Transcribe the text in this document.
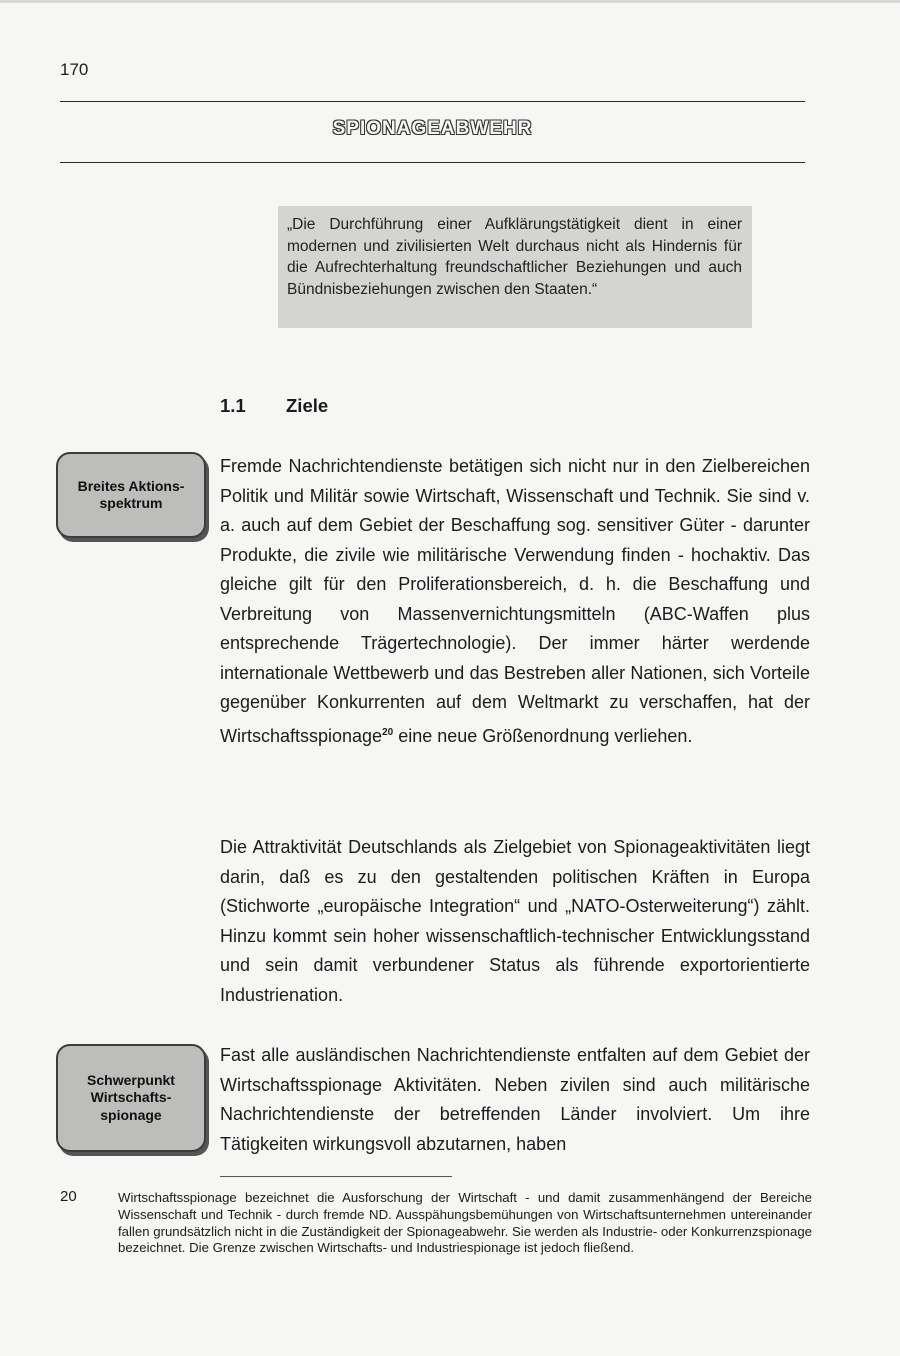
170
SPIONAGEABWEHR
„Die Durchführung einer Aufklärungstätigkeit dient in einer modernen und zivilisierten Welt durchaus nicht als Hindernis für die Aufrechterhaltung freundschaftlicher Beziehungen und auch Bündnisbeziehungen zwischen den Staaten.“
1.1 Ziele
Breites Aktions-
spektrum

Fremde Nachrichtendienste betätigen sich nicht nur in den Zielbereichen Politik und Militär sowie Wirtschaft, Wissenschaft und Technik. Sie sind v. a. auch auf dem Gebiet der Beschaffung sog. sensitiver Güter - darunter Produkte, die zivile wie militärische Verwendung finden - hochaktiv. Das gleiche gilt für den Proliferationsbereich, d. h. die Beschaffung und Verbreitung von Massenvernichtungsmitteln (ABC-Waffen plus entsprechende Trägertechnologie). Der immer härter werdende internationale Wettbewerb und das Bestreben aller Nationen, sich Vorteile gegenüber Konkurrenten auf dem Weltmarkt zu verschaffen, hat der Wirtschaftsspionage$^{20}$ eine neue Größenordnung verliehen.

Die Attraktivität Deutschlands als Zielgebiet von Spionageaktivitäten liegt darin, daß es zu den gestaltenden politischen Kräften in Europa (Stichworte „europäische Integration“ und „NATO-Osterweiterung“) zählt. Hinzu kommt sein hoher wissenschaftlich-technischer Entwicklungsstand und sein damit verbundener Status als führende exportorientierte Industrienation.

Schwerpunkt
Wirtschafts-
spionage

Fast alle ausländischen Nachrichtendienste entfalten auf dem Gebiet der Wirtschaftsspionage Aktivitäten. Neben zivilen sind auch militärische Nachrichtendienste der betreffenden Länder involviert. Um ihre Tätigkeiten wirkungsvoll abzutarnen, haben

20	Wirtschaftsspionage bezeichnet die Ausforschung der Wirtschaft - und damit zusammenhängend der Bereiche Wissenschaft und Technik - durch fremde ND. Ausspähungsbemühungen von Wirtschaftsunternehmen untereinander fallen grundsätzlich nicht in die Zuständigkeit der Spionageabwehr. Sie werden als Industrie- oder Konkurrenzspionage bezeichnet. Die Grenze zwischen Wirtschafts- und Industriespionage ist jedoch fließend.
